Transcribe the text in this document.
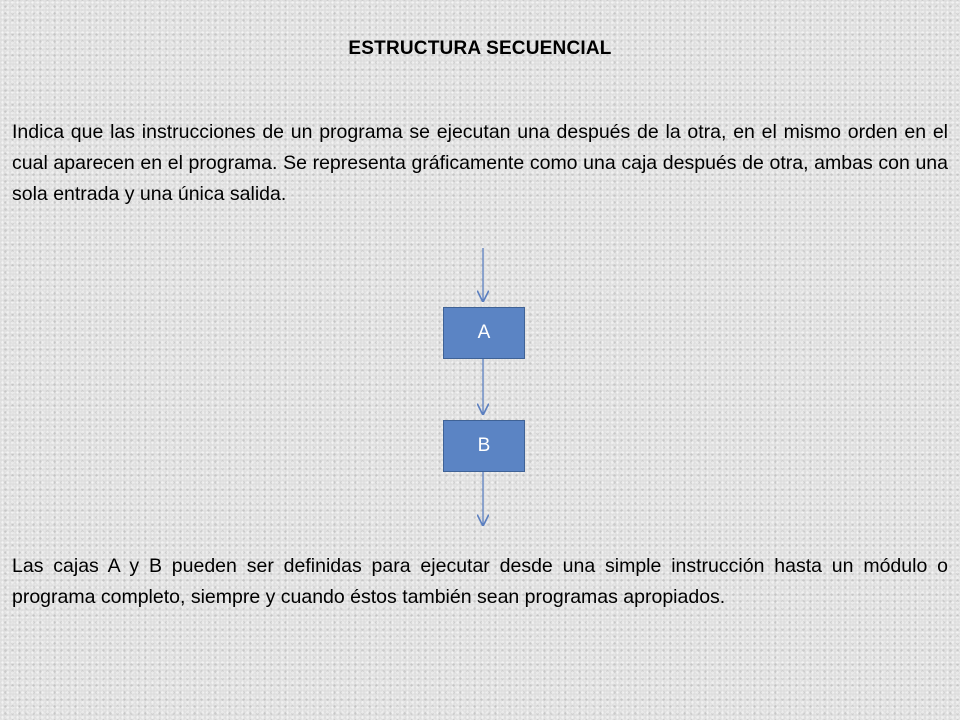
ESTRUCTURA SECUENCIAL
Indica que las instrucciones de un programa se ejecutan una después de la otra, en el mismo orden en el cual aparecen en el programa. Se representa gráficamente como una caja después de otra, ambas con una sola entrada y una única salida.
A
B
Las cajas A y B pueden ser definidas para ejecutar desde una simple instrucción hasta un módulo o programa completo, siempre y cuando éstos también sean programas apropiados.
